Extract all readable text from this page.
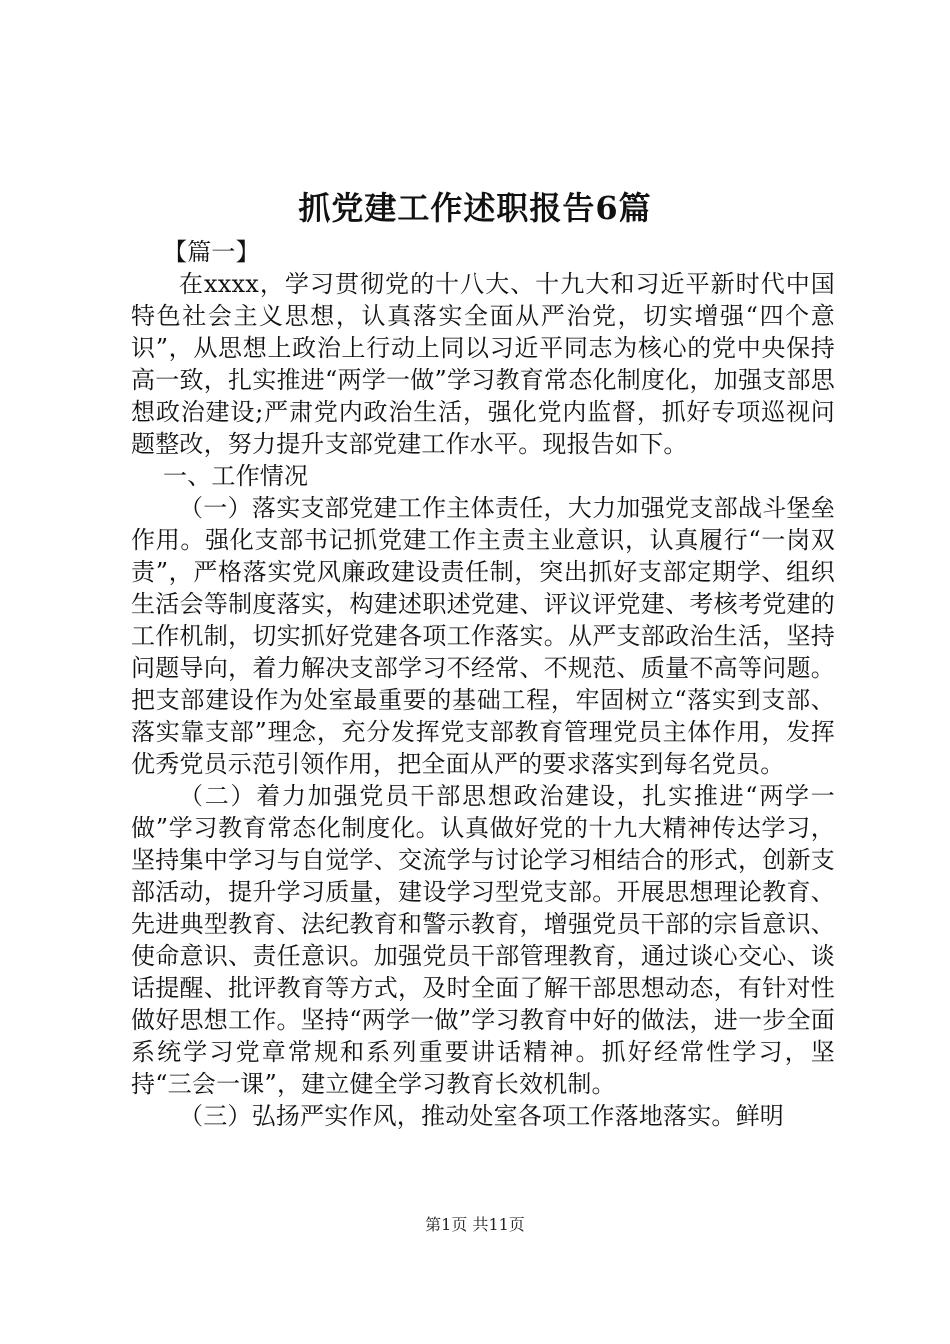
抓党建工作述职报告6篇

【篇一】

在xxxx，学习贯彻党的十八大、十九大和习近平新时代中国特色社会主义思想，认真落实全面从严治党，切实增强“四个意识”，从思想上政治上行动上同以习近平同志为核心的党中央保持高一致，扎实推进“两学一做”学习教育常态化制度化，加强支部思想政治建设;严肃党内政治生活，强化党内监督，抓好专项巡视问题整改，努力提升支部党建工作水平。现报告如下。

一、工作情况

（一）落实支部党建工作主体责任，大力加强党支部战斗堡垒作用。强化支部书记抓党建工作主责主业意识，认真履行“一岗双责”，严格落实党风廉政建设责任制，突出抓好支部定期学、组织生活会等制度落实，构建述职述党建、评议评党建、考核考党建的工作机制，切实抓好党建各项工作落实。从严支部政治生活，坚持问题导向，着力解决支部学习不经常、不规范、质量不高等问题。把支部建设作为处室最重要的基础工程，牢固树立“落实到支部、落实靠支部”理念，充分发挥党支部教育管理党员主体作用，发挥优秀党员示范引领作用，把全面从严的要求落实到每名党员。

（二）着力加强党员干部思想政治建设，扎实推进“两学一做”学习教育常态化制度化。认真做好党的十九大精神传达学习，坚持集中学习与自觉学、交流学与讨论学习相结合的形式，创新支部活动，提升学习质量，建设学习型党支部。开展思想理论教育、先进典型教育、法纪教育和警示教育，增强党员干部的宗旨意识、使命意识、责任意识。加强党员干部管理教育，通过谈心交心、谈话提醒、批评教育等方式，及时全面了解干部思想动态，有针对性做好思想工作。坚持“两学一做”学习教育中好的做法，进一步全面系统学习党章常规和系列重要讲话精神。抓好经常性学习，坚持“三会一课”，建立健全学习教育长效机制。

（三）弘扬严实作风，推动处室各项工作落地落实。鲜明

第1页 共11页
